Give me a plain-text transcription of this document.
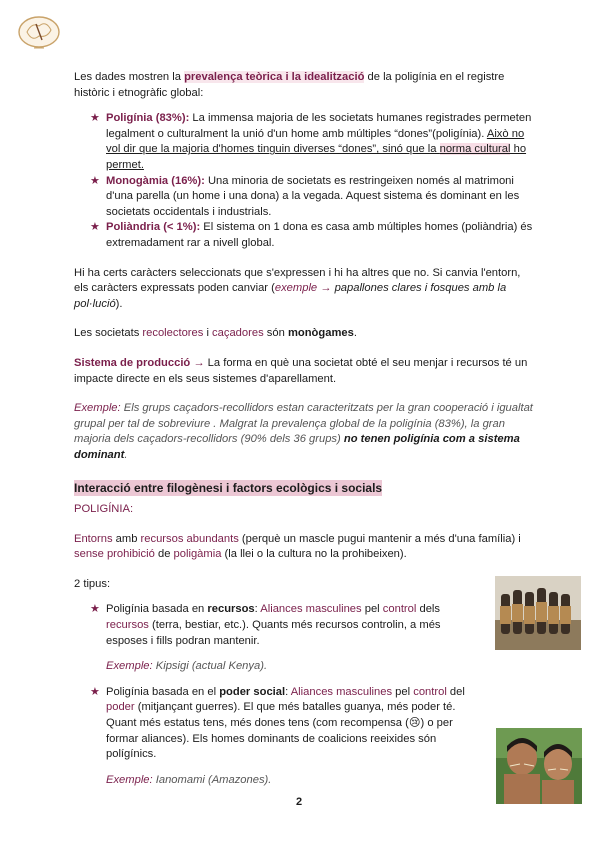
Les dades mostren la prevalença teòrica i la idealització de la poligínia en el registre històric i etnogràfic global:

★ Poligínia (83%): La immensa majoria de les societats humanes registrades permeten legalment o culturalment la unió d'un home amb múltiples “dones”(poligínia). Això no vol dir que la majoria d'homes tinguin diverses “dones”, sinó que la norma cultural ho permet.
★ Monogàmia (16%): Una minoria de societats es restringeixen només al matrimoni d'una parella (un home i una dona) a la vegada. Aquest sistema és dominant en les societats occidentals i industrials.
★ Poliàndria (< 1%): El sistema on 1 dona es casa amb múltiples homes (poliàndria) és extremadament rar a nivell global.

Hi ha certs caràcters seleccionats que s'expressen i hi ha altres que no. Si canvia l'entorn, els caràcters expressats poden canviar (exemple → papallones clares i fosques amb la pol·lució).

Les societats recolectores i caçadores són monògames.

Sistema de producció → La forma en què una societat obté el seu menjar i recursos té un impacte directe en els seus sistemes d'aparellament.

Exemple: Els grups caçadors-recollidors estan caracteritzats per la gran cooperació i igualtat grupal per tal de sobreviure . Malgrat la prevalença global de la poligínia (83%), la gran majoria dels caçadors-recollidors (90% dels 36 grups) no tenen poligínia com a sistema dominant.

Interacció entre filogènesi i factors ecològics i socials

POLIGÍNIA:

Entorns amb recursos abundants (perquè un mascle pugui mantenir a més d'una família) i sense prohibició de poligàmia (la llei o la cultura no la prohibeixen).

2 tipus:

★ Poligínia basada en recursos: Aliances masculines pel control dels recursos (terra, bestiar, etc.). Quants més recursos controlin, a més esposes i fills podran mantenir.

Exemple: Kipsigi (actual Kenya).

★ Poligínia basada en el poder social: Aliances masculines pel control del poder (mitjançant guerres). El que més batalles guanya, més poder té. Quant més estatus tens, més dones tens (com recompensa (😢) o per formar aliances). Els homes dominants de coalicions reeixides són polígínics.

Exemple: Ianomami (Amazones).

2
